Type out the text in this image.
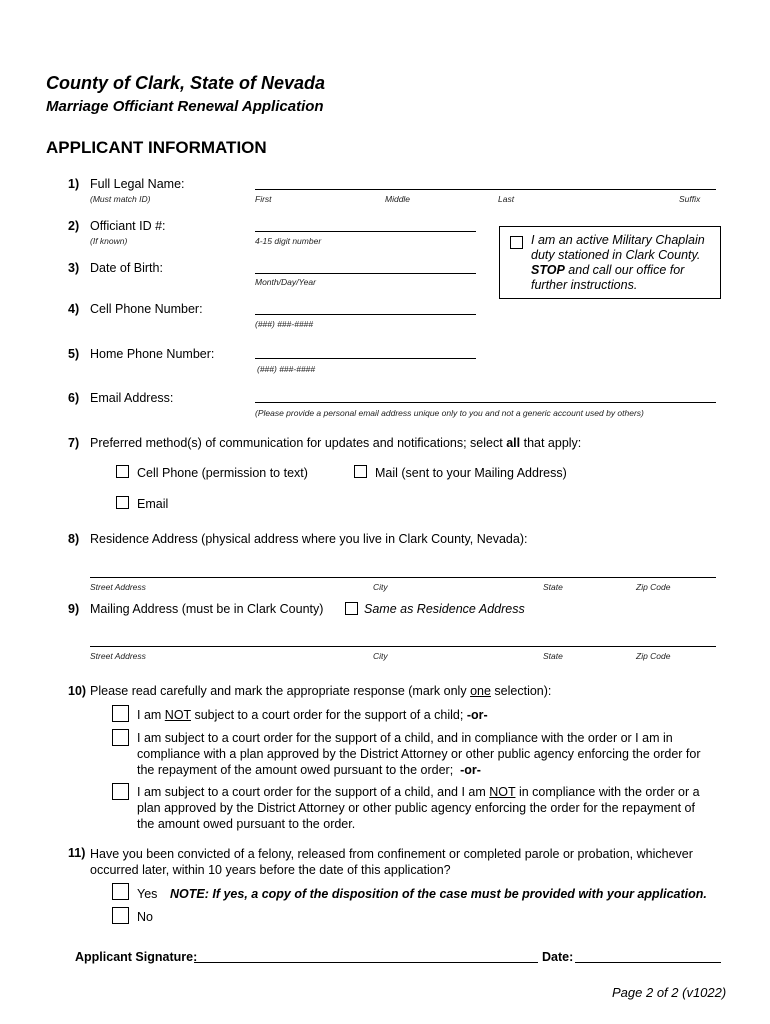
County of Clark, State of Nevada
Marriage Officiant Renewal Application
APPLICANT INFORMATION
1) Full Legal Name:
(Must match ID)	First	Middle	Last	Suffix
2) Officiant ID #:
(If known)	4-15 digit number	I am an active Military Chaplain
duty stationed in Clark County.
STOP and call our office for
further instructions.
3) Date of Birth:
Month/Day/Year
4) Cell Phone Number:
(###) ###-####
5) Home Phone Number:
(###) ###-####
6) Email Address:
(Please provide a personal email address unique only to you and not a generic account used by others)
7) Preferred method(s) of communication for updates and notifications; select all that apply:
Cell Phone (permission to text)	Mail (sent to your Mailing Address)
Email
8) Residence Address (physical address where you live in Clark County, Nevada):
Street Address	City	State	Zip Code
9) Mailing Address (must be in Clark County)	Same as Residence Address
Street Address	City	State	Zip Code
10) Please read carefully and mark the appropriate response (mark only one selection):
I am NOT subject to a court order for the support of a child; -or-
I am subject to a court order for the support of a child, and in compliance with the order or I am in
compliance with a plan approved by the District Attorney or other public agency enforcing the order for
the repayment of the amount owed pursuant to the order; -or-
I am subject to a court order for the support of a child, and I am NOT in compliance with the order or a
plan approved by the District Attorney or other public agency enforcing the order for the repayment of
the amount owed pursuant to the order.
11) Have you been convicted of a felony, released from confinement or completed parole or probation, whichever
occurred later, within 10 years before the date of this application?
Yes NOTE: If yes, a copy of the disposition of the case must be provided with your application.
No
Applicant Signature:	Date:
Page 2 of 2 (v1022)
